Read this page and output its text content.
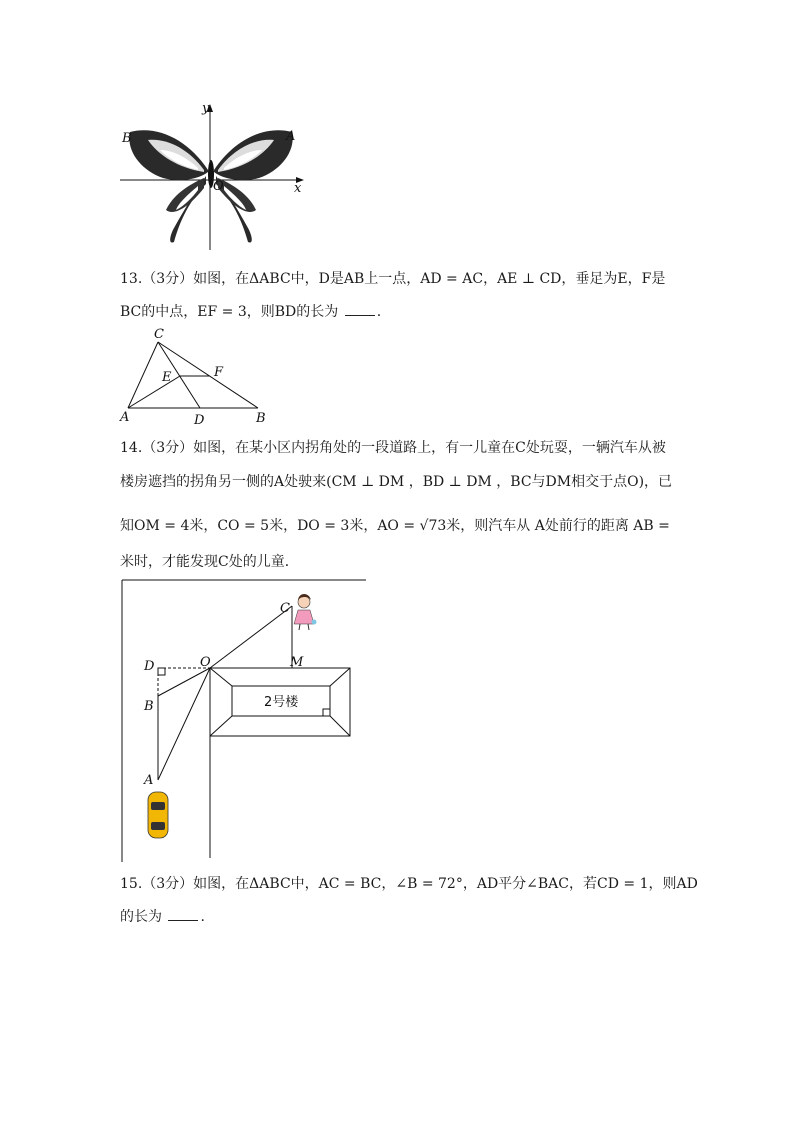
y
x
O
A
B
13.（3分）如图，在ΔABC中，D是AB上一点，AD = AC，AE ⊥ CD，垂足为E，F是
BC的中点，EF = 3，则BD的长为	.
C
E	F
A	D	B
14.（3分）如图，在某小区内拐角处的一段道路上，有一儿童在C处玩耍，一辆汽车从被
楼房遮挡的拐角另一侧的A处驶来(CM ⊥ DM ，BD ⊥ DM ，BC与DM相交于点O)，已
知OM = 4米，CO = 5米，DO = 3米，AO = √73米，则汽车从 A处前行的距离 AB =
米时，才能发现C处的儿童．
2号楼
C
D	O	M
B
A
15.（3分）如图，在ΔABC中，AC = BC，∠B = 72°，AD平分∠BAC，若CD = 1，则AD
的长为	.
